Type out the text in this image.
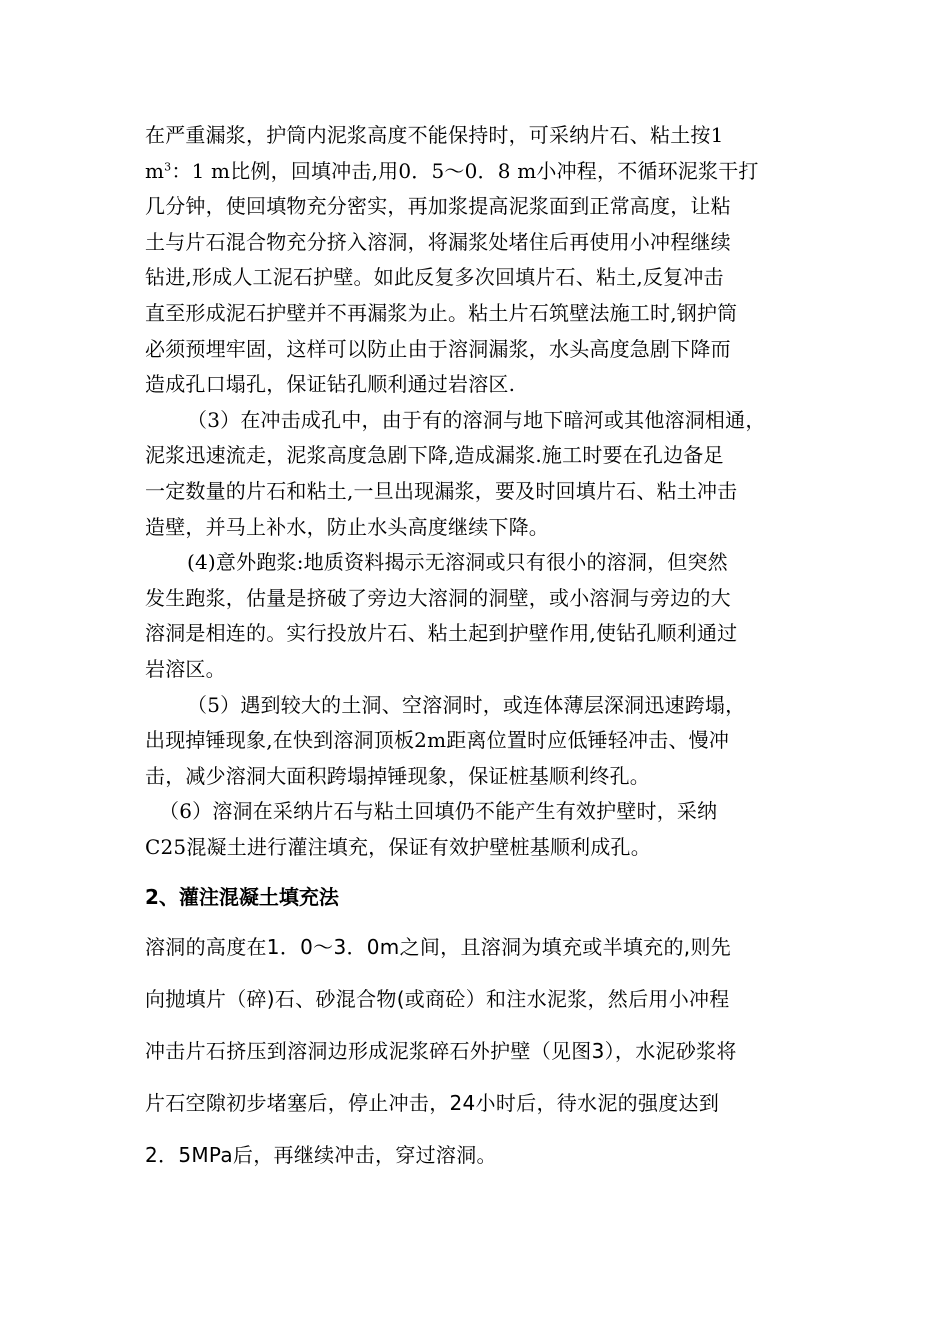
在严重漏浆，护筒内泥浆高度不能保持时，可采纳片石、粘土按1
$m^3$：1 m比例，回填冲击,用0．5～0．8 m小冲程，不循环泥浆干打
几分钟，使回填物充分密实，再加浆提高泥浆面到正常高度，让粘
土与片石混合物充分挤入溶洞，将漏浆处堵住后再使用小冲程继续
钻进,形成人工泥石护壁。如此反复多次回填片石、粘土,反复冲击
直至形成泥石护壁并不再漏浆为止。粘土片石筑壁法施工时,钢护筒
必须预埋牢固，这样可以防止由于溶洞漏浆，水头高度急剧下降而
造成孔口塌孔，保证钻孔顺利通过岩溶区.
（3）在冲击成孔中，由于有的溶洞与地下暗河或其他溶洞相通，
泥浆迅速流走，泥浆高度急剧下降,造成漏浆.施工时要在孔边备足
一定数量的片石和粘土,一旦出现漏浆，要及时回填片石、粘土冲击
造壁，并马上补水，防止水头高度继续下降。
(4)意外跑浆:地质资料揭示无溶洞或只有很小的溶洞，但突然
发生跑浆，估量是挤破了旁边大溶洞的洞壁，或小溶洞与旁边的大
溶洞是相连的。实行投放片石、粘土起到护壁作用,使钻孔顺利通过
岩溶区。
（5）遇到较大的土洞、空溶洞时，或连体薄层深洞迅速跨塌，
出现掉锤现象,在快到溶洞顶板2m距离位置时应低锤轻冲击、慢冲
击，减少溶洞大面积跨塌掉锤现象，保证桩基顺利终孔。
（6）溶洞在采纳片石与粘土回填仍不能产生有效护壁时，采纳
C25混凝土进行灌注填充，保证有效护壁桩基顺利成孔。
2、灌注混凝土填充法
溶洞的高度在1．0～3．0m之间，且溶洞为填充或半填充的,则先
向抛填片（碎)石、砂混合物(或商砼）和注水泥浆，然后用小冲程
冲击片石挤压到溶洞边形成泥浆碎石外护壁（见图3），水泥砂浆将
片石空隙初步堵塞后，停止冲击，24小时后，待水泥的强度达到
2．5MPa后，再继续冲击，穿过溶洞。
